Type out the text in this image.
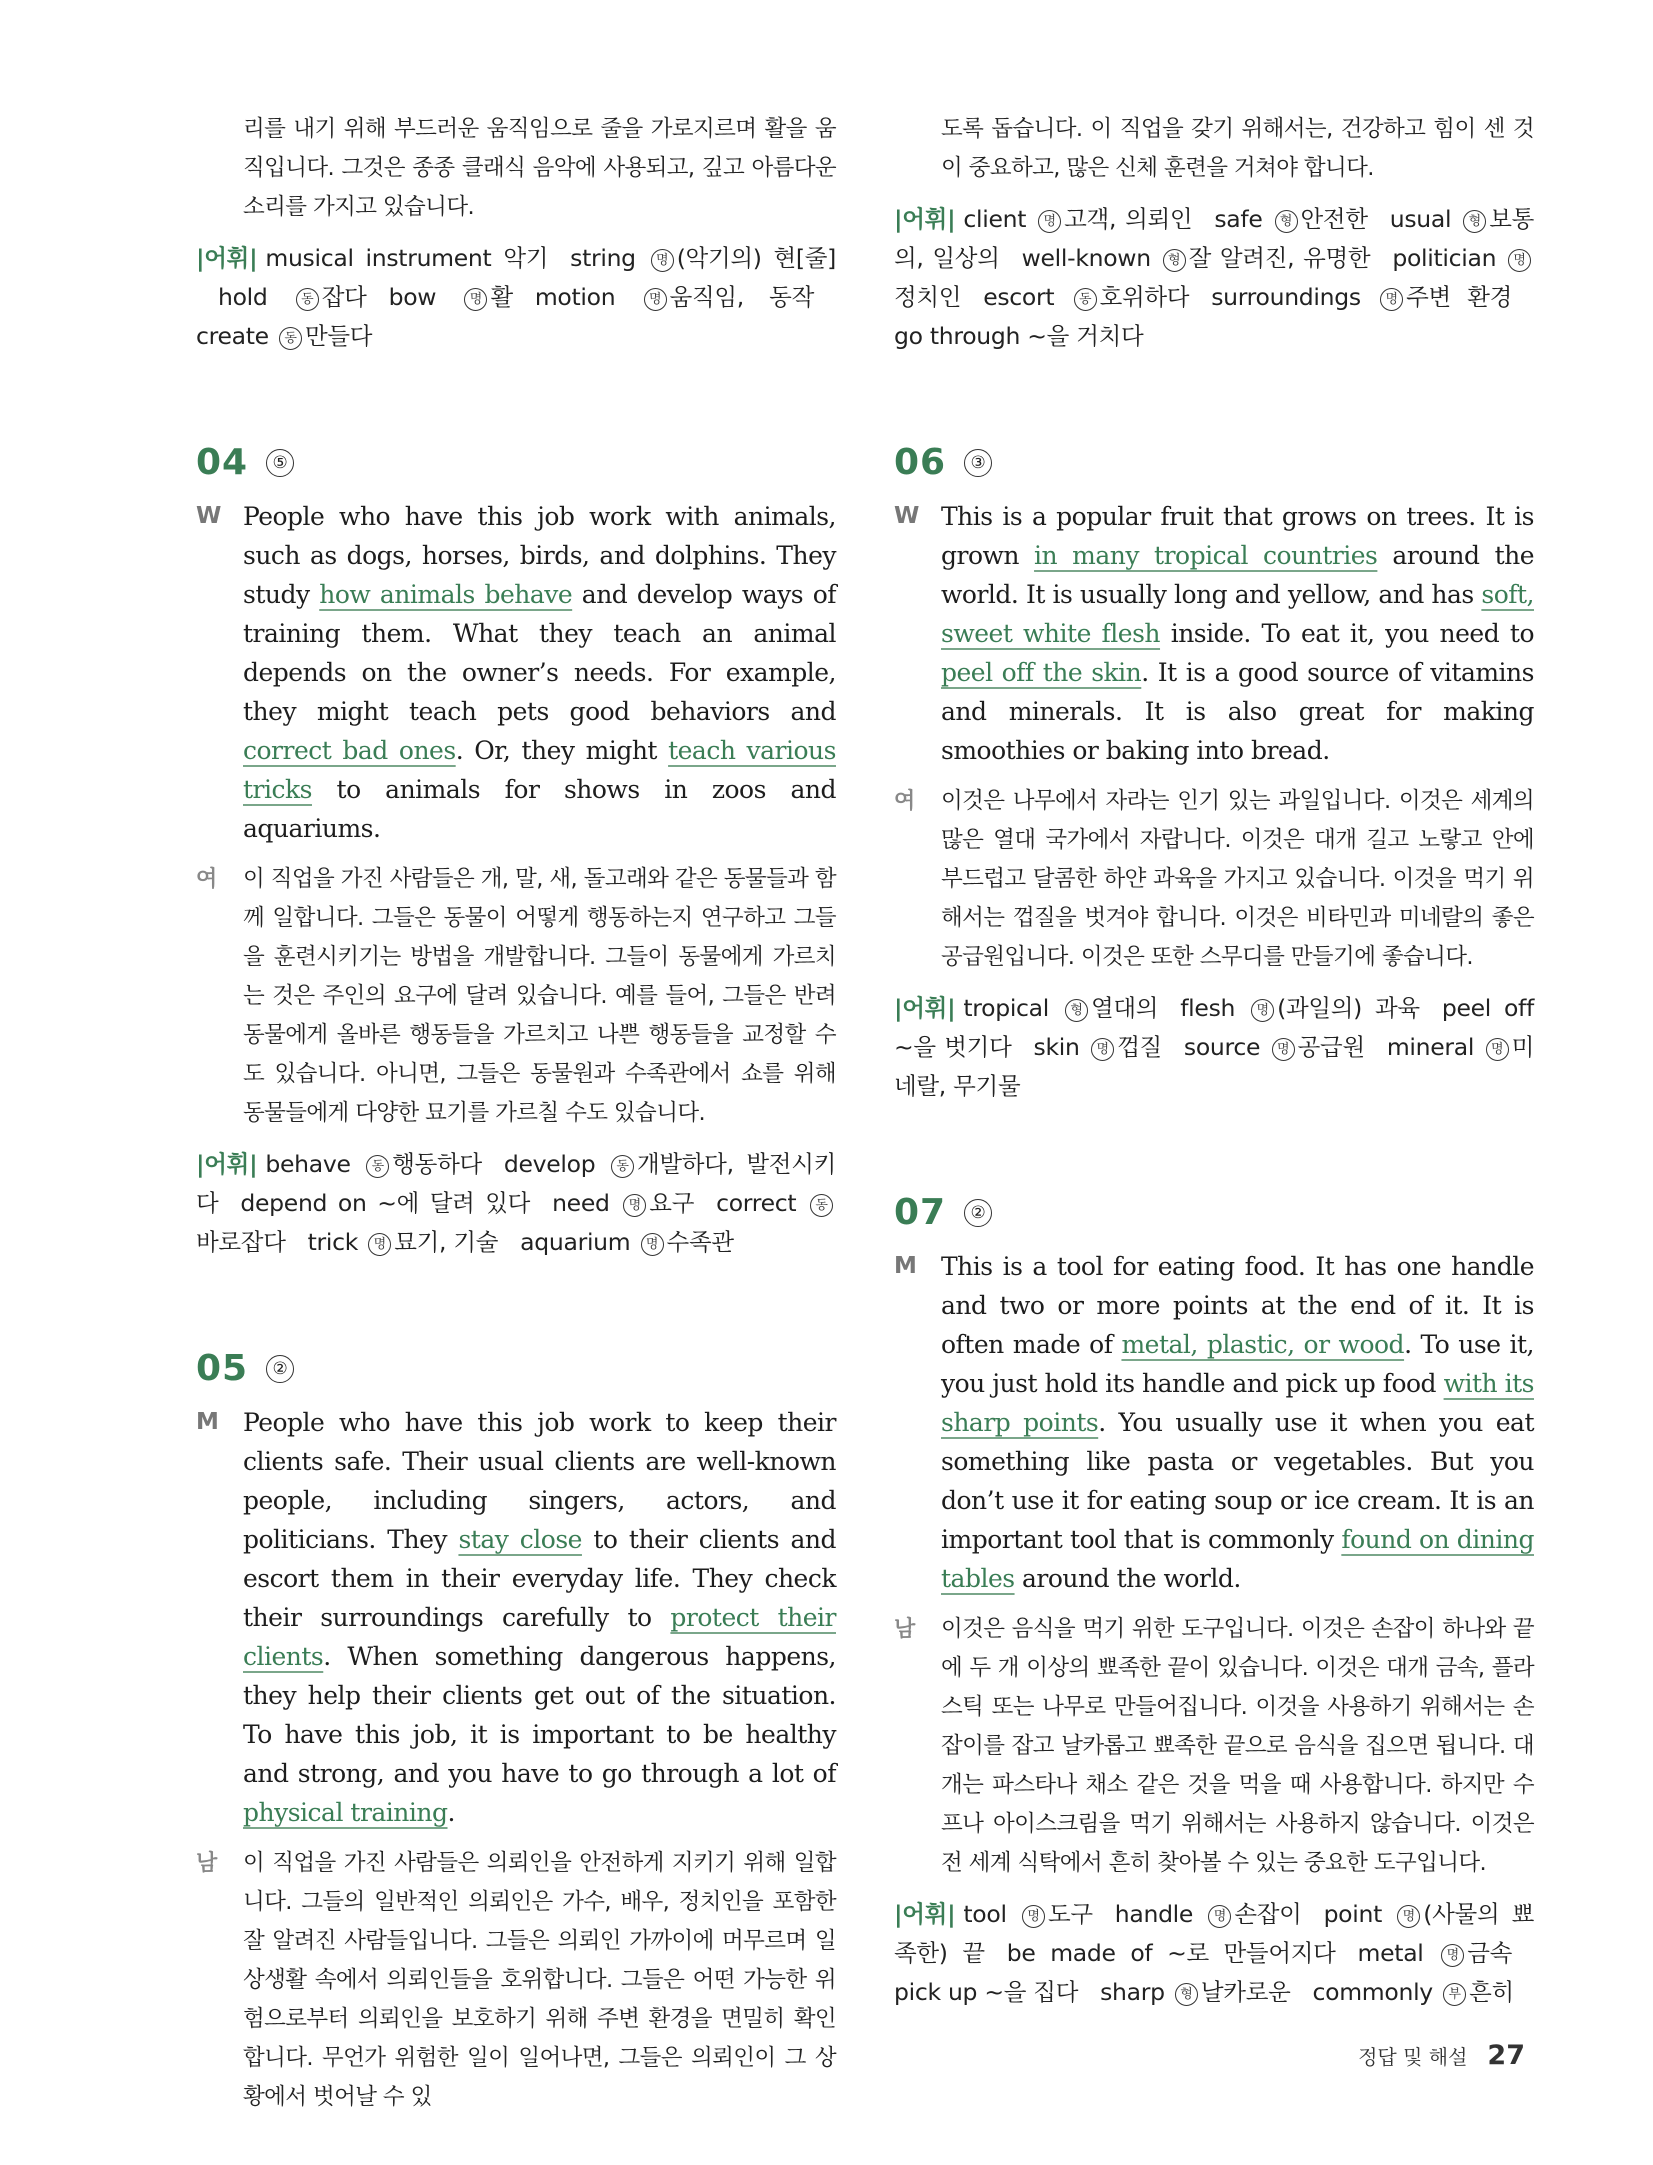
리를 내기 위해 부드러운 움직임으로 줄을 가로지르며 활을 움직입니다. 그것은 종종 클래식 음악에 사용되고, 깊고 아름다운 소리를 가지고 있습니다.
|어휘| musical instrument 악기 string 명 (악기의) 현[줄]hold	동 잡다 bow	명 활 motion	명 움직임, 동작create 동 만들다
04	⑤
W People who have this job work with animals, such as dogs, horses, birds, and dolphins. They study how animals behave and develop ways of training them. What they teach an animal depends on the owner’s needs. For example, they might teach pets good behaviors and correct bad ones. Or, they might teach various tricks to animals for shows in zoos and aquariums.
여 이 직업을 가진 사람들은 개, 말, 새, 돌고래와 같은 동물들과 함께 일합니다. 그들은 동물이 어떻게 행동하는지 연구하고 그들을 훈련시키기는 방법을 개발합니다. 그들이 동물에게 가르치는 것은 주인의 요구에 달려 있습니다. 예를 들어, 그들은 반려동물에게 올바른 행동들을 가르치고 나쁜 행동들을 교정할 수도 있습니다. 아니면, 그들은 동물원과 수족관에서 쇼를 위해 동물들에게 다양한 묘기를 가르칠 수도 있습니다.
|어휘| behave 동 행동하다 develop 동 개발하다, 발전시키다 depend on ~에 달려 있다 need 명 요구 correct 동바로잡다 trick 명 묘기, 기술 aquarium 명 수족관
05	②
M People who have this job work to keep their clients safe. Their usual clients are well-known people, including singers, actors, and politicians. They stay close to their clients and escort them in their everyday life. They check their surroundings carefully to protect their clients. When something dangerous happens, they help their clients get out of the situation. To have this job, it is important to be healthy and strong, and you have to go through a lot of physical training.
남 이 직업을 가진 사람들은 의뢰인을 안전하게 지키기 위해 일합니다. 그들의 일반적인 의뢰인은 가수, 배우, 정치인을 포함한 잘 알려진 사람들입니다. 그들은 의뢰인 가까이에 머무르며 일상생활 속에서 의뢰인들을 호위합니다. 그들은 어떤 가능한 위험으로부터 의뢰인을 보호하기 위해 주변 환경을 면밀히 확인합니다. 무언가 위험한 일이 일어나면, 그들은 의뢰인이 그 상황에서 벗어날 수 있
도록 돕습니다. 이 직업을 갖기 위해서는, 건강하고 힘이 센 것이 중요하고, 많은 신체 훈련을 거쳐야 합니다.
|어휘| client 명 고객, 의뢰인 safe 형 안전한 usual 형 보통의, 일상의 well-known 형 잘 알려진, 유명한 politician 명정치인 escort 동 호위하다 surroundings 명 주변 환경go through ~을 거치다
06	③
W This is a popular fruit that grows on trees. It is grown in many tropical countries around the world. It is usually long and yellow, and has soft, sweet white flesh inside. To eat it, you need to peel off the skin. It is a good source of vitamins and minerals. It is also great for making smoothies or baking into bread.
여 이것은 나무에서 자라는 인기 있는 과일입니다. 이것은 세계의 많은 열대 국가에서 자랍니다. 이것은 대개 길고 노랗고 안에 부드럽고 달콤한 하얀 과육을 가지고 있습니다. 이것을 먹기 위해서는 껍질을 벗겨야 합니다. 이것은 비타민과 미네랄의 좋은 공급원입니다. 이것은 또한 스무디를 만들기에 좋습니다.
|어휘| tropical 형 열대의 flesh 명 (과일의) 과육 peel off ~을 벗기다 skin 명 껍질 source 명 공급원 mineral 명 미네랄, 무기물
07	②
M This is a tool for eating food. It has one handle and two or more points at the end of it. It is often made of metal, plastic, or wood. To use it, you just hold its handle and pick up food with its sharp points. You usually use it when you eat something like pasta or vegetables. But you don’t use it for eating soup or ice cream. It is an important tool that is commonly found on dining tables around the world.
남 이것은 음식을 먹기 위한 도구입니다. 이것은 손잡이 하나와 끝에 두 개 이상의 뾰족한 끝이 있습니다. 이것은 대개 금속, 플라스틱 또는 나무로 만들어집니다. 이것을 사용하기 위해서는 손잡이를 잡고 날카롭고 뾰족한 끝으로 음식을 집으면 됩니다. 대개는 파스타나 채소 같은 것을 먹을 때 사용합니다. 하지만 수프나 아이스크림을 먹기 위해서는 사용하지 않습니다. 이것은 전 세계 식탁에서 흔히 찾아볼 수 있는 중요한 도구입니다.
|어휘| tool 명 도구 handle 명 손잡이 point 명 (사물의 뾰족한) 끝 be made of ~로 만들어지다 metal 명 금속pick up ~을 집다 sharp 형 날카로운 commonly 부 흔히
정답 및 해설 27
